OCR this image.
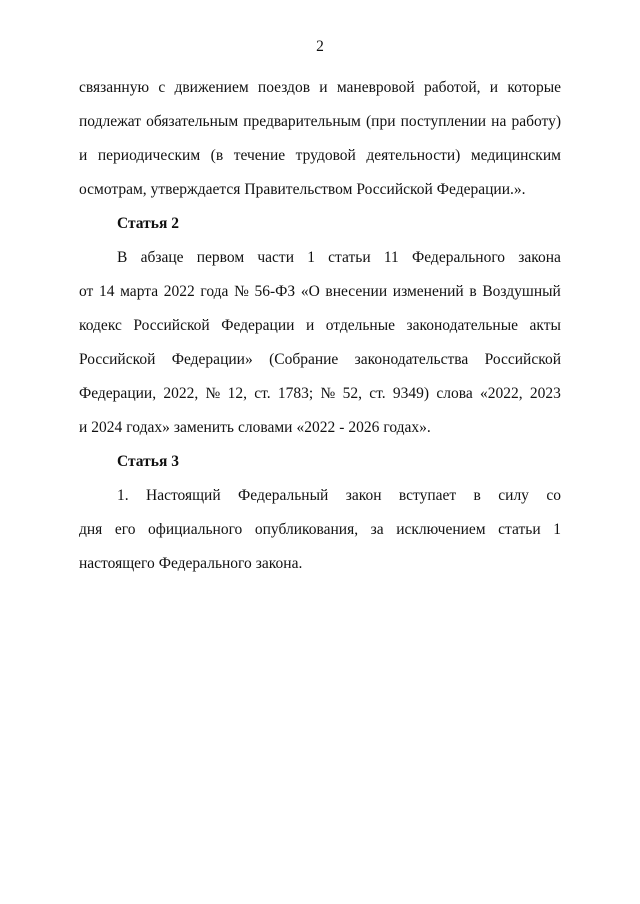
2
связанную с движением поездов и маневровой работой, и которые
подлежат обязательным предварительным (при поступлении на работу)
и периодическим (в течение трудовой деятельности) медицинским
осмотрам, утверждается Правительством Российской Федерации.».
Статья 2
В абзаце первом части 1 статьи 11 Федерального закона
от 14 марта 2022 года № 56-ФЗ «О внесении изменений в Воздушный
кодекс Российской Федерации и отдельные законодательные акты
Российской Федерации» (Собрание законодательства Российской
Федерации, 2022, № 12, ст. 1783; № 52, ст. 9349) слова «2022, 2023
и 2024 годах» заменить словами «2022 - 2026 годах».
Статья 3
1. Настоящий Федеральный закон вступает в силу со
дня его официального опубликования, за исключением статьи 1
настоящего Федерального закона.
